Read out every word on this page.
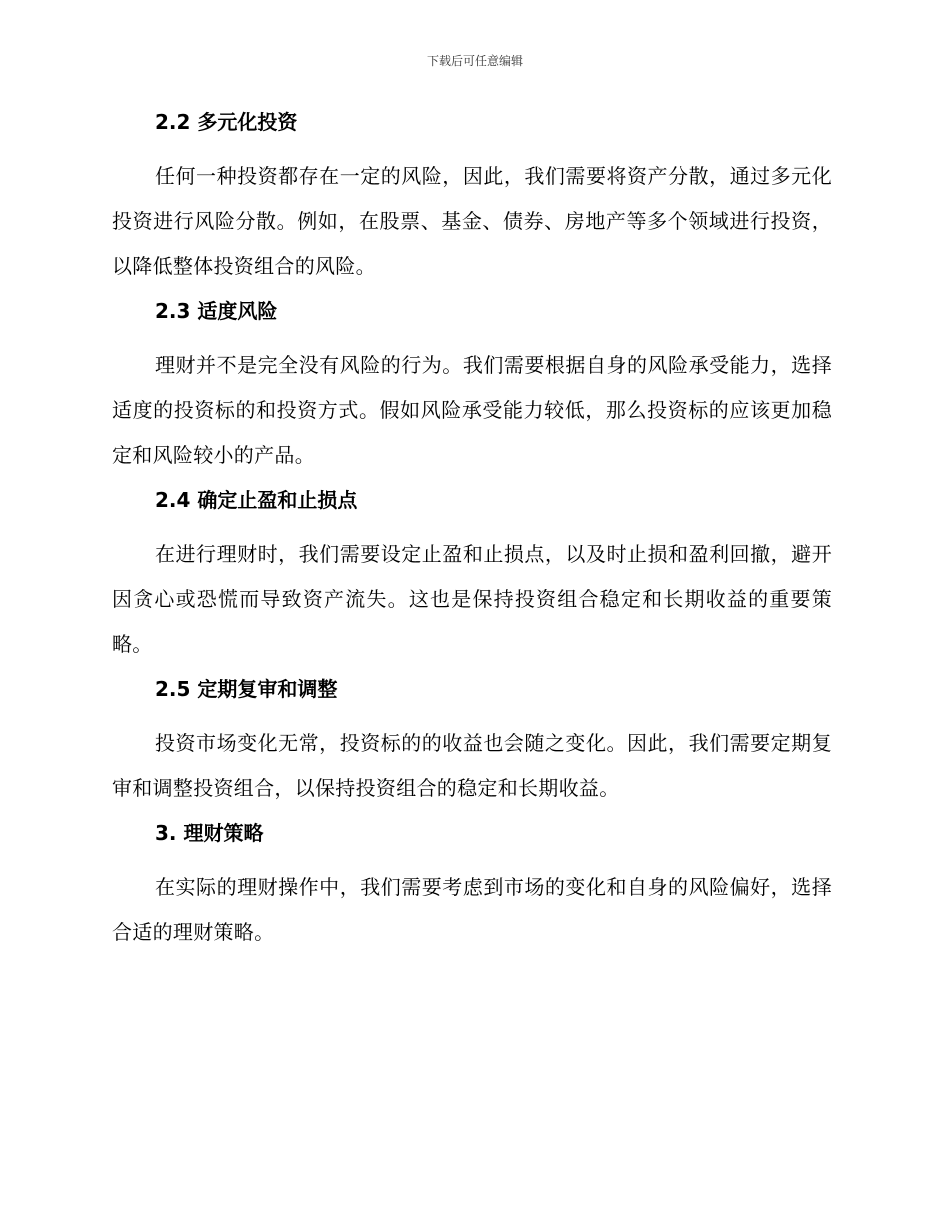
下载后可任意编辑
2.2 多元化投资

任何一种投资都存在一定的风险，因此，我们需要将资产分散，通过多元化投资进行风险分散。例如，在股票、基金、债券、房地产等多个领域进行投资，以降低整体投资组合的风险。

2.3 适度风险

理财并不是完全没有风险的行为。我们需要根据自身的风险承受能力，选择适度的投资标的和投资方式。假如风险承受能力较低，那么投资标的应该更加稳定和风险较小的产品。

2.4 确定止盈和止损点

在进行理财时，我们需要设定止盈和止损点，以及时止损和盈利回撤，避开因贪心或恐慌而导致资产流失。这也是保持投资组合稳定和长期收益的重要策略。

2.5 定期复审和调整

投资市场变化无常，投资标的的收益也会随之变化。因此，我们需要定期复审和调整投资组合，以保持投资组合的稳定和长期收益。

3. 理财策略

在实际的理财操作中，我们需要考虑到市场的变化和自身的风险偏好，选择合适的理财策略。
